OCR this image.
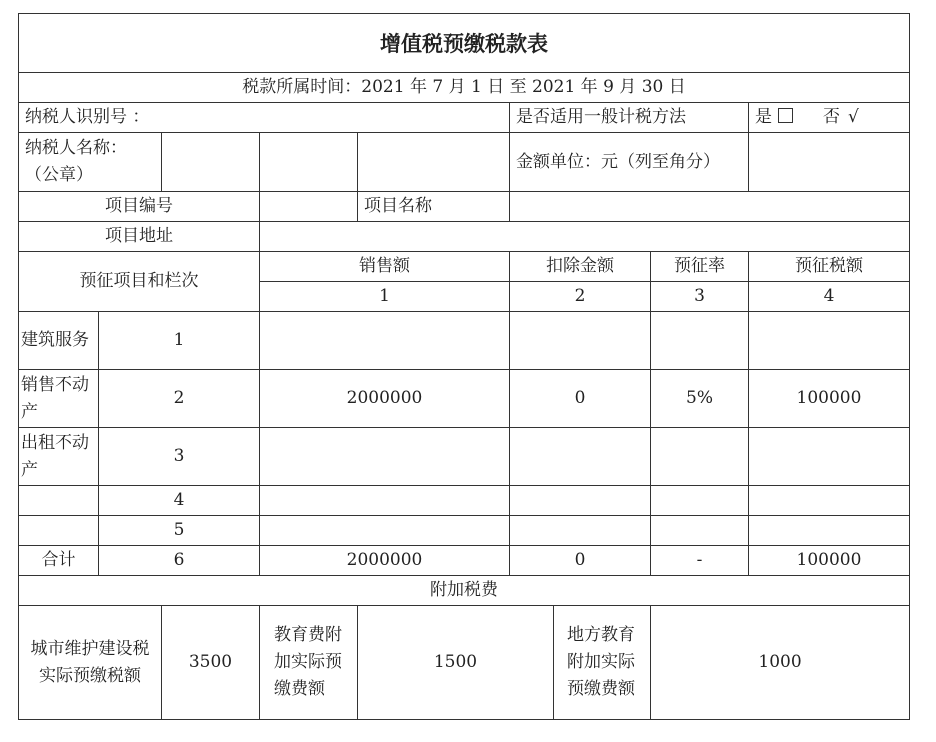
增值税预缴税款表								
税款所属时间：2021 年 7 月 1 日 至 2021 年 9 月 30 日								
纳税人识别号 ：					是否适用一般计税方法			是 否 √
纳税人名称：（公章）					金额单位：元（列至角分）			
项目编号				项目名称				
项目地址								
预征项目和栏次			销售额		扣除金额		预征率	预征税额
			1		2		3	4
建筑服务	1							
销售不动产	2		2000000		0		5%	100000
出租不动产	3							
	4							
	5							
合计	6		2000000		0		-	100000
附加税费								
城市维护建设税实际预缴税额		3500	教育费附加实际预缴费额	1500		地方教育附加实际预缴费额	1000	
